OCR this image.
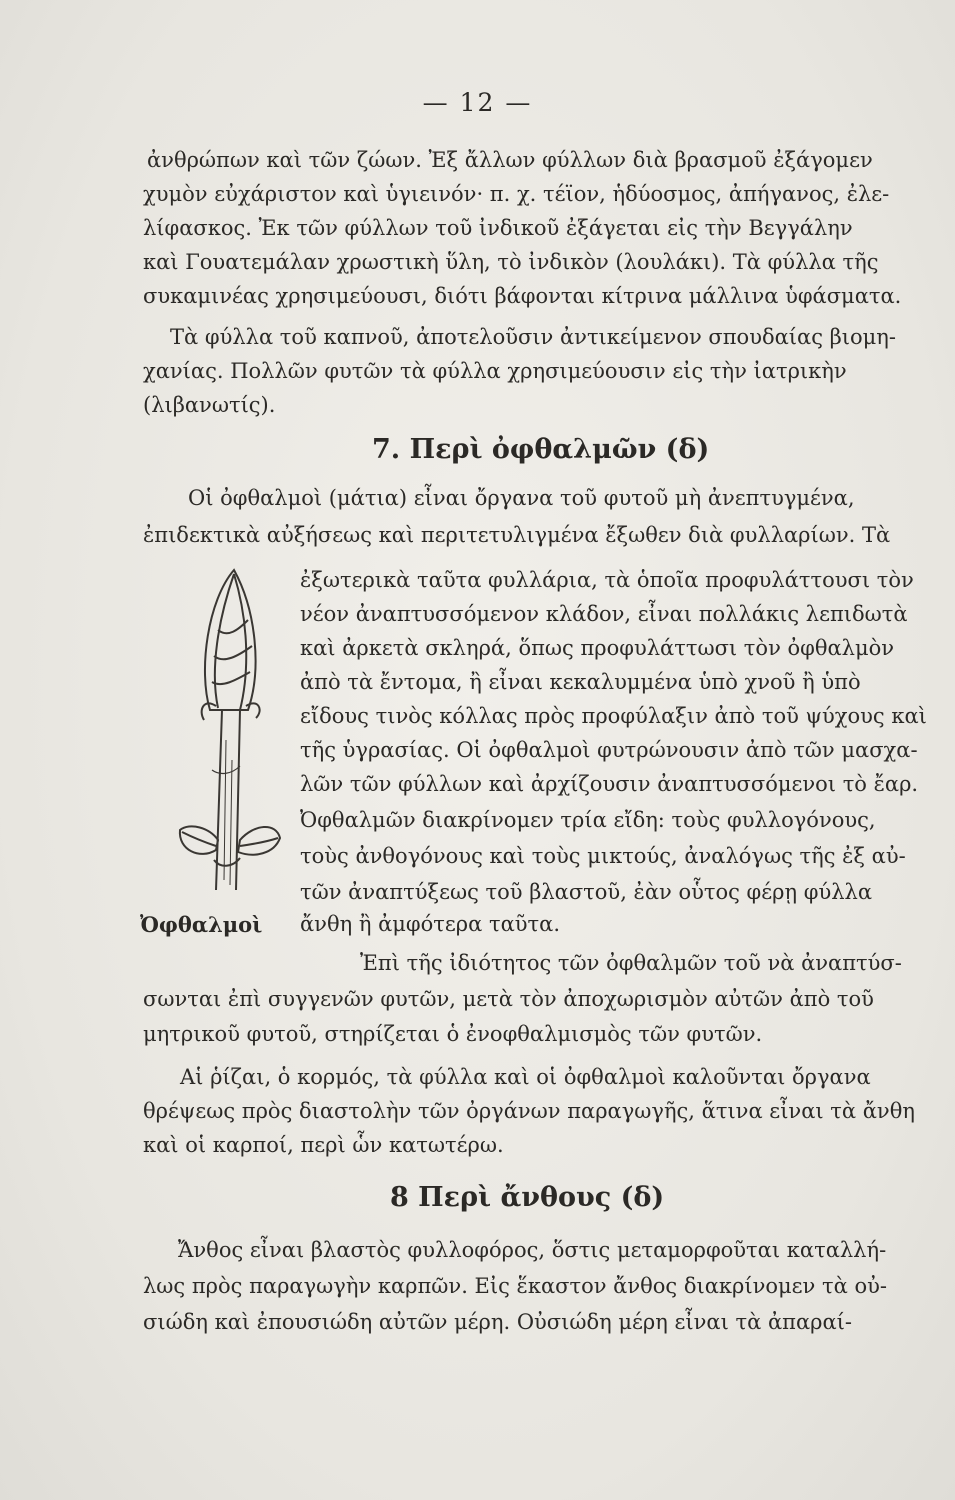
— 12 —
ἀνθρώπων καὶ τῶν ζώων. Ἐξ ἄλλων φύλλων διὰ βρασμοῦ ἐξάγομεν
χυμὸν εὐχάριστον καὶ ὑγιεινόν· π. χ. τέϊον, ἡδύοσμος, ἀπήγανος, ἐλε-
λίφασκος. Ἐκ τῶν φύλλων τοῦ ἰνδικοῦ ἐξάγεται εἰς τὴν Βεγγάλην
καὶ Γουατεμάλαν χρωστικὴ ὕλη, τὸ ἰνδικὸν (λουλάκι). Τὰ φύλλα τῆς
συκαμινέας χρησιμεύουσι, διότι βάφονται κίτρινα μάλλινα ὑφάσματα.
Τὰ φύλλα τοῦ καπνοῦ, ἀποτελοῦσιν ἀντικείμενον σπουδαίας βιομη-
χανίας. Πολλῶν φυτῶν τὰ φύλλα χρησιμεύουσιν εἰς τὴν ἰατρικὴν
(λιβανωτίς).
7. Περὶ ὀφθαλμῶν (δ)
Οἱ ὀφθαλμοὶ (μάτια) εἶναι ὄργανα τοῦ φυτοῦ μὴ ἀνεπτυγμένα,
ἐπιδεκτικὰ αὐξήσεως καὶ περιτετυλιγμένα ἔξωθεν διὰ φυλλαρίων. Τὰ
ἐξωτερικὰ ταῦτα φυλλάρια, τὰ ὁποῖα προφυλάττουσι τὸν
νέον ἀναπτυσσόμενον κλάδον, εἶναι πολλάκις λεπιδωτὰ
καὶ ἀρκετὰ σκληρά, ὅπως προφυλάττωσι τὸν ὀφθαλμὸν
ἀπὸ τὰ ἔντομα, ἢ εἶναι κεκαλυμμένα ὑπὸ χνοῦ ἢ ὑπὸ
εἴδους τινὸς κόλλας πρὸς προφύλαξιν ἀπὸ τοῦ ψύχους καὶ
τῆς ὑγρασίας. Οἱ ὀφθαλμοὶ φυτρώνουσιν ἀπὸ τῶν μασχα-
λῶν τῶν φύλλων καὶ ἀρχίζουσιν ἀναπτυσσόμενοι τὸ ἔαρ.
Ὀφθαλμῶν διακρίνομεν τρία εἴδη: τοὺς φυλλογόνους,
τοὺς ἀνθογόνους καὶ τοὺς μικτούς, ἀναλόγως τῆς ἐξ αὐ-
τῶν ἀναπτύξεως τοῦ βλαστοῦ, ἐὰν οὗτος φέρῃ φύλλα
ἄνθη ἢ ἀμφότερα ταῦτα.
Ὀφθαλμοὶ
Ἐπὶ τῆς ἰδιότητος τῶν ὀφθαλμῶν τοῦ νὰ ἀναπτύσ-
σωνται ἐπὶ συγγενῶν φυτῶν, μετὰ τὸν ἀποχωρισμὸν αὐτῶν ἀπὸ τοῦ
μητρικοῦ φυτοῦ, στηρίζεται ὁ ἐνοφθαλμισμὸς τῶν φυτῶν.
Αἱ ῥίζαι, ὁ κορμός, τὰ φύλλα καὶ οἱ ὀφθαλμοὶ καλοῦνται ὄργανα
θρέψεως πρὸς διαστολὴν τῶν ὀργάνων παραγωγῆς, ἅτινα εἶναι τὰ ἄνθη
καὶ οἱ καρποί, περὶ ὧν κατωτέρω.
8 Περὶ ἄνθους (δ)
Ἄνθος εἶναι βλαστὸς φυλλοφόρος, ὅστις μεταμορφοῦται καταλλή-
λως πρὸς παραγωγὴν καρπῶν. Εἰς ἕκαστον ἄνθος διακρίνομεν τὰ οὐ-
σιώδη καὶ ἐπουσιώδη αὐτῶν μέρη. Οὐσιώδη μέρη εἶναι τὰ ἀπαραί-
